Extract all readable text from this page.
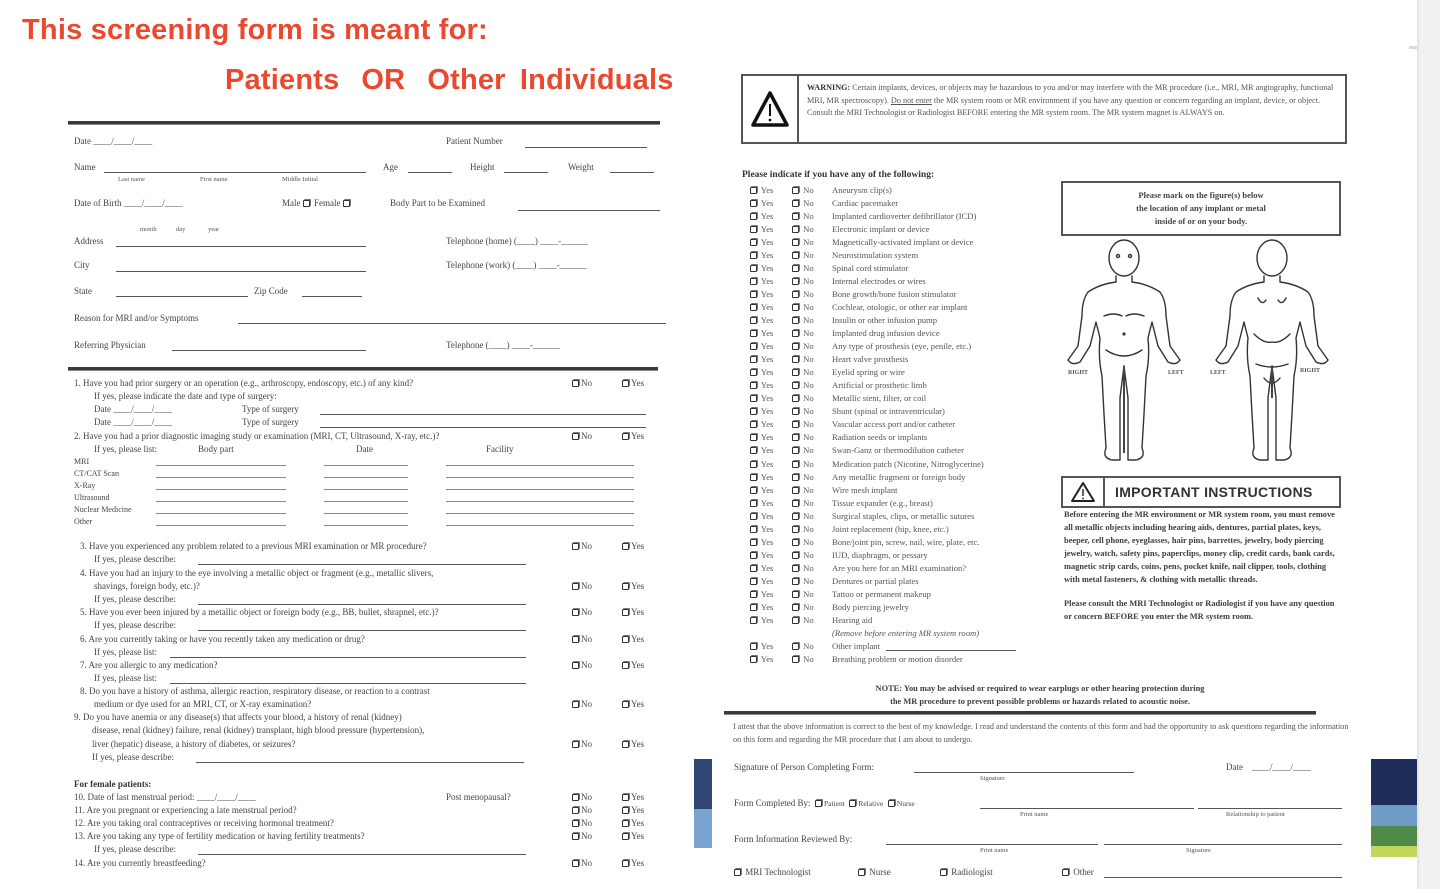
This screening form is meant for:
Patients OR Other Individuals
Date ____/____/____	Patient Number
Name
Last name	First name	Middle Initial
Age	Height	Weight
Date of Birth ____/____/____	Male Female	Body Part to be Examined
month	day	year
Address	Telephone (home) (____) ____-______
City	Telephone (work) (____) ____-______
State	Zip Code
Reason for MRI and/or Symptoms
Referring Physician	Telephone (____) ____-______
1. Have you had prior surgery or an operation (e.g., arthroscopy, endoscopy, etc.) of any kind?	No	Yes
If yes, please indicate the date and type of surgery:
Date ____/____/____	Type of surgery
Date ____/____/____	Type of surgery
2. Have you had a prior diagnostic imaging study or examination (MRI, CT, Ultrasound, X-ray, etc.)?	No	Yes
If yes, please list:	Body part	Date	Facility
MRI
CT/CAT Scan
X-Ray
Ultrasound
Nuclear Medicine
Other
3. Have you experienced any problem related to a previous MRI examination or MR procedure?	No	Yes
If yes, please describe:
4. Have you had an injury to the eye involving a metallic object or fragment (e.g., metallic slivers,
shavings, foreign body, etc.)?	No	Yes
If yes, please describe:
5. Have you ever been injured by a metallic object or foreign body (e.g., BB, bullet, shrapnel, etc.)?	No	Yes
If yes, please describe:
6. Are you currently taking or have you recently taken any medication or drug?	No	Yes
If yes, please list:
7. Are you allergic to any medication?	No	Yes
If yes, please list:
8. Do you have a history of asthma, allergic reaction, respiratory disease, or reaction to a contrast
medium or dye used for an MRI, CT, or X-ray examination?	No	Yes
9. Do you have anemia or any disease(s) that affects your blood, a history of renal (kidney)
disease, renal (kidney) failure, renal (kidney) transplant, high blood pressure (hypertension),
liver (hepatic) disease, a history of diabetes, or seizures?	No	Yes
If yes, please describe:
For female patients:
10. Date of last menstrual period: ____/____/____	Post menopausal?	No	Yes
11. Are you pregnant or experiencing a late menstrual period?	No	Yes
12. Are you taking oral contraceptives or receiving hormonal treatment?	No	Yes
13. Are you taking any type of fertility medication or having fertility treatments?	No	Yes
If yes, please describe:
14. Are you currently breastfeeding?	No	Yes
WARNING: Certain implants, devices, or objects may be hazardous to you and/or may interfere with the MR procedure (i.e., MRI, MR angiography, functional MRI, MR spectroscopy). Do not enter the MR system room or MR environment if you have any question or concern regarding an implant, device, or object. Consult the MRI Technologist or Radiologist BEFORE entering the MR system room. The MR system magnet is ALWAYS on.
Please indicate if you have any of the following:
Yes	No	Aneurysm clip(s)
Yes	No	Cardiac pacemaker
Yes	No	Implanted cardioverter defibrillator (ICD)
Yes	No	Electronic implant or device
Yes	No	Magnetically-activated implant or device
Yes	No	Neurostimulation system
Yes	No	Spinal cord stimulator
Yes	No	Internal electrodes or wires
Yes	No	Bone growth/bone fusion stimulator
Yes	No	Cochlear, otologic, or other ear implant
Yes	No	Insulin or other infusion pump
Yes	No	Implanted drug infusion device
Yes	No	Any type of prosthesis (eye, penile, etc.)
Yes	No	Heart valve prosthesis
Yes	No	Eyelid spring or wire
Yes	No	Artificial or prosthetic limb
Yes	No	Metallic stent, filter, or coil
Yes	No	Shunt (spinal or intraventricular)
Yes	No	Vascular access port and/or catheter
Yes	No	Radiation seeds or implants
Yes	No	Swan-Ganz or thermodilution catheter
Yes	No	Medication patch (Nicotine, Nitroglycerine)
Yes	No	Any metallic fragment or foreign body
Yes	No	Wire mesh implant
Yes	No	Tissue expander (e.g., breast)
Yes	No	Surgical staples, clips, or metallic sutures
Yes	No	Joint replacement (hip, knee, etc.)
Yes	No	Bone/joint pin, screw, nail, wire, plate, etc.
Yes	No	IUD, diaphragm, or pessary
Yes	No	Are you here for an MRI examination?
Yes	No	Dentures or partial plates
Yes	No	Tattoo or permanent makeup
Yes	No	Body piercing jewelry
Yes	No	Hearing aid
(Remove before entering MR system room)
Yes	No	Other implant
Yes	No	Breathing problem or motion disorder
Please mark on the figure(s) below
the location of any implant or metal
inside of or on your body.
RIGHT	LEFT	LEFT	RIGHT
IMPORTANT INSTRUCTIONS
Before entering the MR environment or MR system room, you must remove all metallic objects including hearing aids, dentures, partial plates, keys, beeper, cell phone, eyeglasses, hair pins, barrettes, jewelry, body piercing jewelry, watch, safety pins, paperclips, money clip, credit cards, bank cards, magnetic strip cards, coins, pens, pocket knife, nail clipper, tools, clothing with metal fasteners, & clothing with metallic threads.
Please consult the MRI Technologist or Radiologist if you have any question or concern BEFORE you enter the MR system room.
NOTE: You may be advised or required to wear earplugs or other hearing protection during
the MR procedure to prevent possible problems or hazards related to acoustic noise.
I attest that the above information is correct to the best of my knowledge. I read and understand the contents of this form and had the opportunity to ask questions regarding the information on this form and regarding the MR procedure that I am about to undergo.
Signature of Person Completing Form:
Signature
Date ____/____/____
Form Completed By: Patient Relative Nurse
Print name	Relationship to patient
Form Information Reviewed By:
Print name	Signature
MRI Technologist	Nurse	Radiologist	Other
